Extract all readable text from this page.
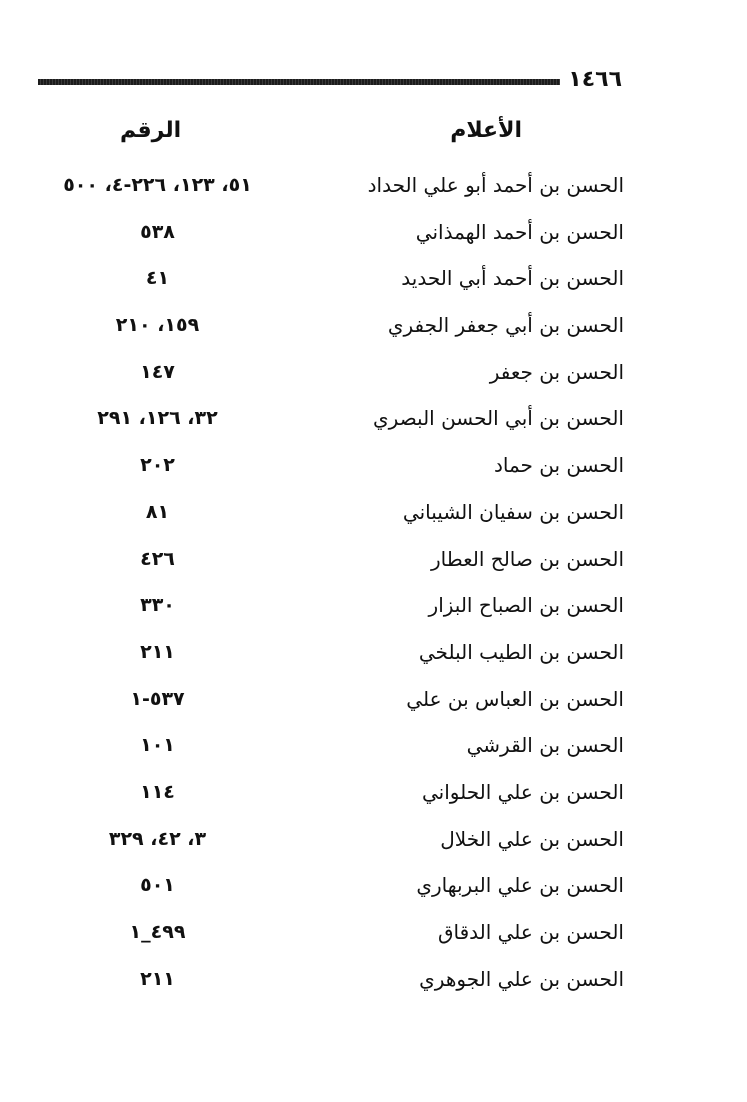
١٤٦٦
الأعلام
الرقم
الحسن بن أحمد أبو علي الحداد
٥١، ١٢٣، ٢٢٦-٤، ٥٠٠
الحسن بن أحمد الهمذاني
٥٣٨
الحسن بن أحمد أبي الحديد
٤١
الحسن بن أبي جعفر الجفري
١٥٩، ٢١٠
الحسن بن جعفر
١٤٧
الحسن بن أبي الحسن البصري
٣٢، ١٢٦، ٢٩١
الحسن بن حماد
٢٠٢
الحسن بن سفيان الشيباني
٨١
الحسن بن صالح العطار
٤٢٦
الحسن بن الصباح البزار
٣٣٠
الحسن بن الطيب البلخي
٢١١
الحسن بن العباس بن علي
٥٣٧-١
الحسن بن القرشي
١٠١
الحسن بن علي الحلواني
١١٤
الحسن بن علي الخلال
٣، ٤٢، ٣٢٩
الحسن بن علي البربهاري
٥٠١
الحسن بن علي الدقاق
٤٩٩_١
الحسن بن علي الجوهري
٢١١
